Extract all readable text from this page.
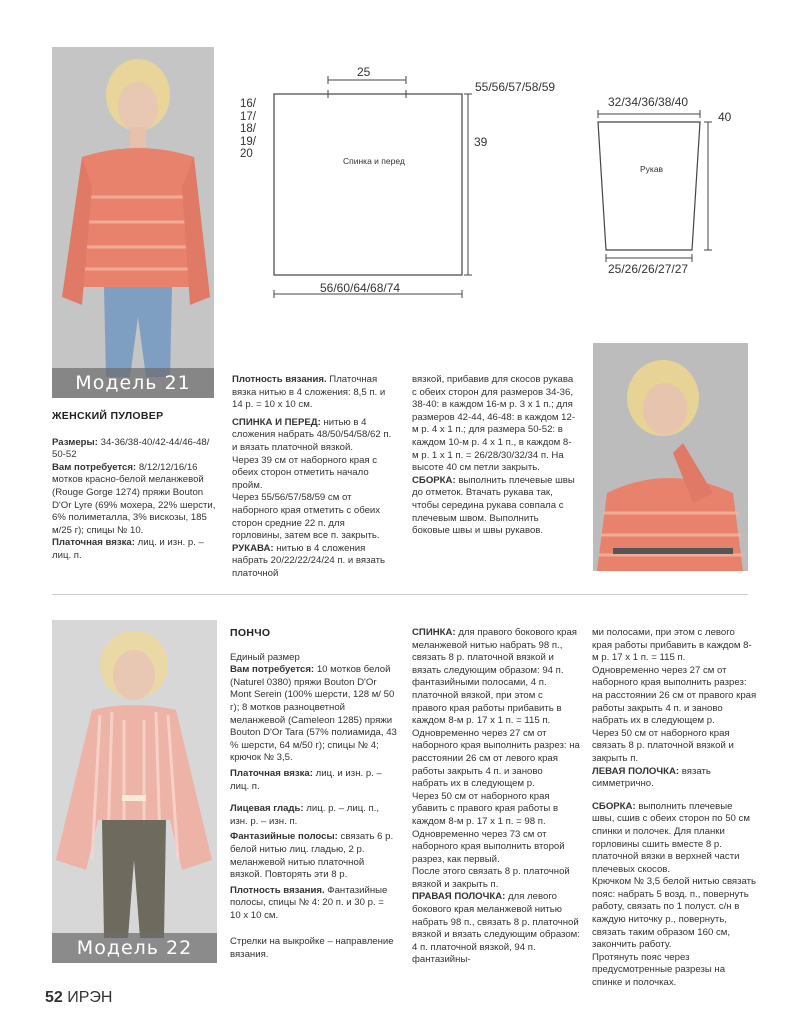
Модель 21
25
55/56/57/58/59
16/
17/
18/
19/
20
39
Спинка и перед
56/60/64/68/74
32/34/36/38/40
40
Рукав
25/26/26/27/27

ЖЕНСКИЙ ПУЛОВЕР

Размеры: 34-36/38-40/42-44/46-48/ 50-52

Вам потребуется: 8/12/12/16/16 мотков красно-белой меланжевой (Rouge Gorge 1274) пряжи Bouton D'Or Lyre (69% мохера, 22% шерсти, 6% полиметалла, 3% вискозы, 185 м/25 г); спицы № 10.

Платочная вязка: лиц. и изн. р. – лиц. п.

Плотность вязания. Платочная вязка нитью в 4 сложения: 8,5 п. и 14 р. = 10 х 10 см.

СПИНКА И ПЕРЕД: нитью в 4 сложения набрать 48/50/54/58/62 п. и вязать платочной вязкой.

Через 39 см от наборного края с обеих сторон отметить начало пройм.

Через 55/56/57/58/59 см от наборного края отметить с обеих сторон средние 22 п. для горловины, затем все п. закрыть.

РУКАВА: нитью в 4 сложения набрать 20/22/22/24/24 п. и вязать платочной

вязкой, прибавив для скосов рукава с обеих сторон для размеров 34-36, 38-40: в каждом 16-м р. 3 х 1 п.; для размеров 42-44, 46-48: в каждом 12-м р. 4 х 1 п.; для размера 50-52: в каждом 10-м р. 4 х 1 п., в каждом 8-м р. 1 х 1 п. = 26/28/30/32/34 п. На высоте 40 см петли закрыть.

СБОРКА: выполнить плечевые швы до отметок. Втачать рукава так, чтобы середина рукава совпала с плечевым швом. Выполнить боковые швы и швы рукавов.

Модель 22

ПОНЧО

Единый размер

Вам потребуется: 10 мотков белой (Naturel 0380) пряжи Bouton D'Or Mont Serein (100% шерсти, 128 м/ 50 г); 8 мотков разноцветной меланжевой (Cameleon 1285) пряжи Bouton D'Or Tara (57% полиамида, 43 % шерсти, 64 м/50 г); спицы № 4; крючок № 3,5.

Платочная вязка: лиц. и изн. р. – лиц. п.

Лицевая гладь: лиц. р. – лиц. п., изн. р. – изн. п.

Фантазийные полосы: связать 6 р. белой нитью лиц. гладью, 2 р. меланжевой нитью платочной вязкой. Повторять эти 8 р.

Плотность вязания. Фантазийные полосы, спицы № 4: 20 п. и 30 р. = 10 х 10 см.

Стрелки на выкройке – направление вязания.

СПИНКА: для правого бокового края меланжевой нитью набрать 98 п., связать 8 р. платочной вязкой и вязать следующим образом: 94 п. фантазийными полосами, 4 п. платочной вязкой, при этом с правого края работы прибавить в каждом 8-м р. 17 х 1 п. = 115 п.

Одновременно через 27 см от наборного края выполнить разрез: на расстоянии 26 см от левого края работы закрыть 4 п. и заново набрать их в следующем р.

Через 50 см от наборного края убавить с правого края работы в каждом 8-м р. 17 х 1 п. = 98 п. Одновременно через 73 см от наборного края выполнить второй разрез, как первый.

После этого связать 8 р. платочной вязкой и закрыть п.

ПРАВАЯ ПОЛОЧКА: для левого бокового края меланжевой нитью набрать 98 п., связать 8 р. платочной вязкой и вязать следующим образом: 4 п. платочной вязкой, 94 п. фантазийны-

ми полосами, при этом с левого края работы прибавить в каждом 8-м р. 17 х 1 п. = 115 п.

Одновременно через 27 см от наборного края выполнить разрез: на расстоянии 26 см от правого края работы закрыть 4 п. и заново набрать их в следующем р.

Через 50 см от наборного края связать 8 р. платочной вязкой и закрыть п.

ЛЕВАЯ ПОЛОЧКА: вязать симметрично.

СБОРКА: выполнить плечевые швы, сшив с обеих сторон по 50 см спинки и полочек. Для планки горловины сшить вместе 8 р. платочной вязки в верхней части плечевых скосов.

Крючком № 3,5 белой нитью связать пояс: набрать 5 возд. п., повернуть работу, связать по 1 полуст. с/н в каждую ниточку р., повернуть, связать таким образом 160 см, закончить работу.

Протянуть пояс через предусмотренные разрезы на спинке и полочках.

52 ИРЭН
